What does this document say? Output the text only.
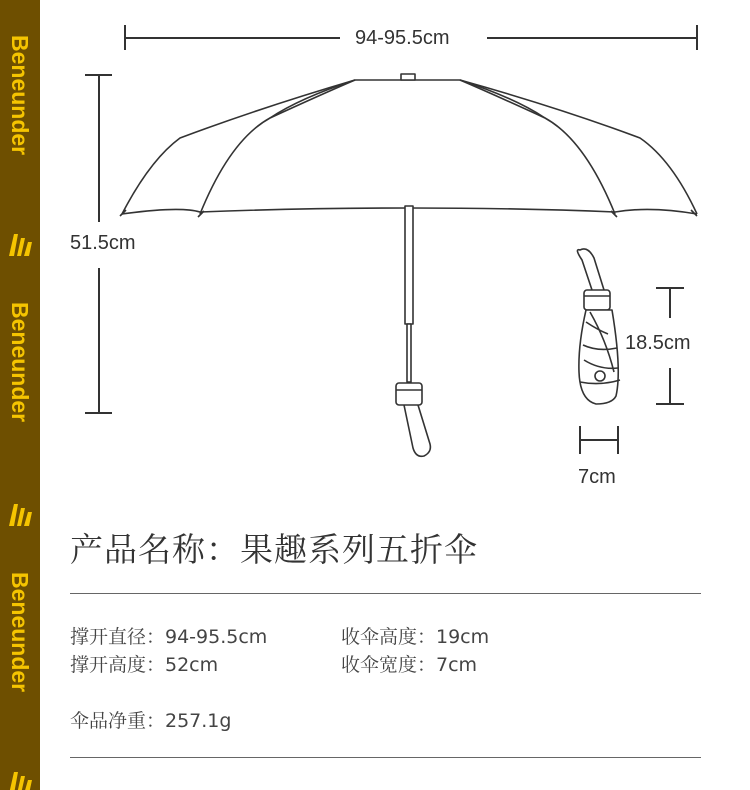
Beneunder
Beneunder
Beneunder
94-95.5cm
51.5cm
18.5cm
7cm
产品名称：果趣系列五折伞
撑开直径：94-95.5cm	收伞高度：19cm
撑开高度：52cm	收伞宽度：7cm
伞品净重：257.1g
